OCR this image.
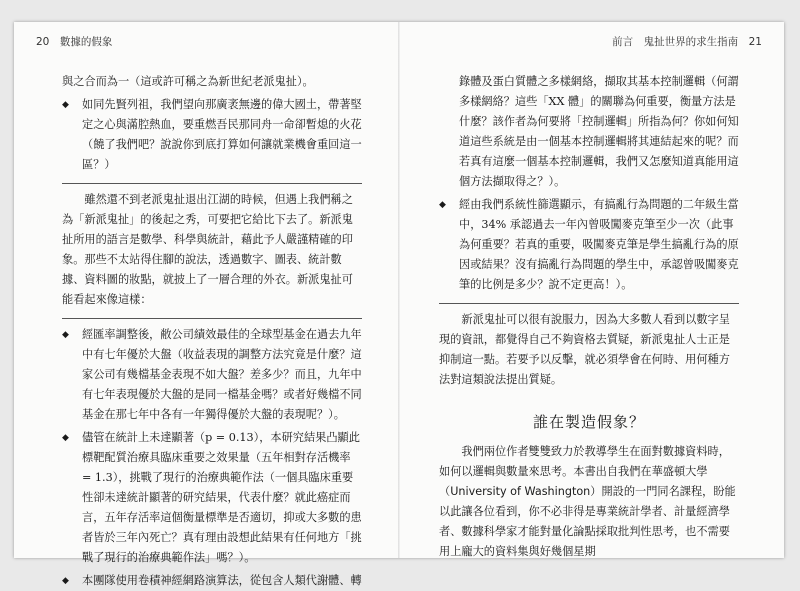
20　數據的假象

與之合而為一（這或許可稱之為新世紀老派鬼扯）。

◆ 如同先賢列祖，我們望向那廣袤無邊的偉大國土，帶著堅定之心與滿腔熱血，要重燃吾民那同舟一命卻暫熄的火花（饒了我們吧？說說你到底打算如何讓就業機會重回這一區？）

雖然還不到老派鬼扯退出江湖的時候，但遇上我們稱之為「新派鬼扯」的後起之秀，可要把它給比下去了。新派鬼扯所用的語言是數學、科學與統計，藉此予人嚴謹精確的印象。那些不太站得住腳的說法，透過數字、圖表、統計數據、資料圖的妝點，就披上了一層合理的外衣。新派鬼扯可能看起來像這樣：

◆ 經匯率調整後，敝公司績效最佳的全球型基金在過去九年中有七年優於大盤（收益表現的調整方法究竟是什麼？這家公司有幾檔基金表現不如大盤？差多少？而且，九年中有七年表現優於大盤的是同一檔基金嗎？或者好幾檔不同基金在那七年中各有一年獨得優於大盤的表現呢？）。
◆ 儘管在統計上未達顯著（p = 0.13），本研究結果凸顯此標靶配質治療具臨床重要之效果量（五年相對存活機率 = 1.3），挑戰了現行的治療典範作法（一個具臨床重要性卻未達統計顯著的研究結果，代表什麼？就此癌症而言，五年存活率這個衡量標準是否適切，抑或大多數的患者皆於三年內死亡？真有理由設想此結果有任何地方「挑戰了現行的治療典範作法」嗎？）。
◆ 本團隊使用卷積神經網路演算法，從包含人類代謝體、轉
前言　鬼扯世界的求生指南　21

錄體及蛋白質體之多樣網絡，擷取其基本控制邏輯（何謂多樣網絡？這些「XX 體」的關聯為何重要，衡量方法是什麼？該作者為何要將「控制邏輯」所指為何？你如何知道這些系統是由一個基本控制邏輯將其連結起來的呢？而若真有這麼一個基本控制邏輯，我們又怎麼知道真能用這個方法擷取得之？）。

◆ 經由我們系統性篩選顯示，有搞亂行為問題的二年級生當中，34% 承認過去一年內曾吸闖麥克筆至少一次（此事為何重要？若真的重要，吸闖麥克筆是學生搞亂行為的原因或結果？沒有搞亂行為問題的學生中，承認曾吸闖麥克筆的比例是多少？說不定更高！）。

新派鬼扯可以很有說服力，因為大多數人看到以數字呈現的資訊，都覺得自己不夠資格去質疑，新派鬼扯人士正是抑制這一點。若要予以反擊，就必須學會在何時、用何種方法對這類說法提出質疑。

誰在製造假象？

我們兩位作者雙雙致力於教導學生在面對數據資料時，如何以邏輯與數量來思考。本書出自我們在華盛頓大學（University of Washington）開設的一門同名課程，盼能以此讓各位看到，你不必非得是專業統計學者、計量經濟學者、數據科學家才能對量化論點採取批判性思考，也不需要用上龐大的資料集與好幾個星期
